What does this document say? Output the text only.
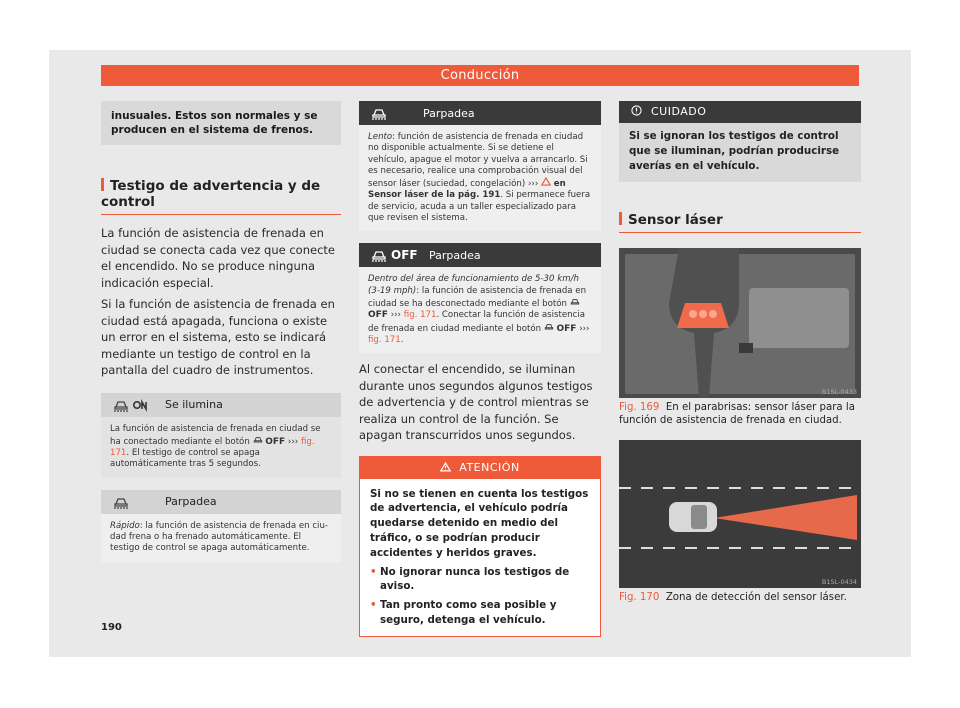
Conducción
inusuales. Estos son normales y se producen en el sistema de frenos.
Testigo de advertencia y de control

La función de asistencia de frenada en ciudad se conecta cada vez que conecte el encendido. No se produce ninguna indicación especial.

Si la función de asistencia de frenada en ciudad está apagada, funciona o existe un error en el sistema, esto se indicará mediante un testigo de control en la pantalla del cuadro de instrumentos.

Se ilumina
La función de asistencia de frenada en ciudad se ha conectado mediante el botón OFF ››› fig. 171. El testigo de control se apaga automáticamente tras 5 segundos.
Parpadea
Rápido: la función de asistencia de frenada en ciudad frena o ha frenado automáticamente. El testigo de control se apaga automáticamente.
190
Parpadea
Lento: función de asistencia de frenada en ciudad no disponible actualmente. Si se detiene el vehículo, apague el motor y vuelva a arrancarlo. Si es necesario, realice una comprobación visual del sensor láser (suciedad, congelación) ››› en Sensor láser de la pág. 191. Si permanece fuera de servicio, acuda a un taller especializado para que revisen el sistema.
OFF Parpadea
Dentro del área de funcionamiento de 5-30 km/h (3-19 mph): la función de asistencia de frenada en ciudad se ha desconectado mediante el botón  OFF ››› fig. 171. Conectar la función de asistencia de frenada en ciudad mediante el botón OFF ››› fig. 171.

Al conectar el encendido, se iluminan durante unos segundos algunos testigos de advertencia y de control mientras se realiza un control de la función. Se apagan transcurridos unos segundos.

ATENCIÓN
Si no se tienen en cuenta los testigos de advertencia, el vehículo podría quedarse detenido en medio del tráfico, o se podrían producir accidentes y heridos graves.
• No ignorar nunca los testigos de aviso.
• Tan pronto como sea posible y seguro, detenga el vehículo.
CUIDADO
Si se ignoran los testigos de control que se iluminan, podrían producirse averías en el vehículo.
Sensor láser
B1SL-0433
Fig. 169 En el parabrisas: sensor láser para la función de asistencia de frenada en ciudad.
B1SL-0434
Fig. 170 Zona de detección del sensor láser.
